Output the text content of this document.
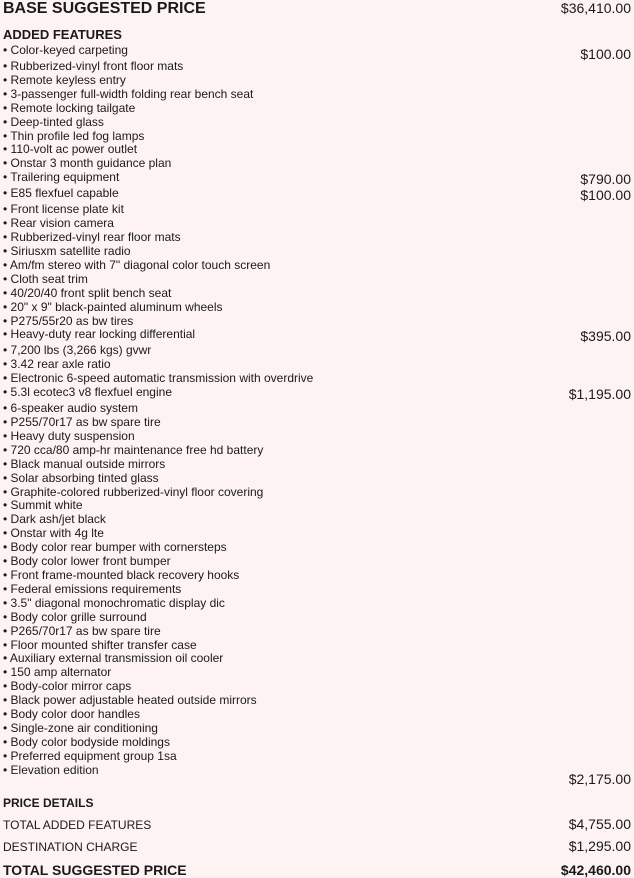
BASE SUGGESTED PRICE	$36,410.00
ADDED FEATURES
• Color-keyed carpeting	$100.00
• Rubberized-vinyl front floor mats
• Remote keyless entry
• 3-passenger full-width folding rear bench seat
• Remote locking tailgate
• Deep-tinted glass
• Thin profile led fog lamps
• 110-volt ac power outlet
• Onstar 3 month guidance plan
• Trailering equipment	$790.00
• E85 flexfuel capable	$100.00
• Front license plate kit
• Rear vision camera
• Rubberized-vinyl rear floor mats
• Siriusxm satellite radio
• Am/fm stereo with 7" diagonal color touch screen
• Cloth seat trim
• 40/20/40 front split bench seat
• 20" x 9" black-painted aluminum wheels
• P275/55r20 as bw tires
• Heavy-duty rear locking differential	$395.00
• 7,200 lbs (3,266 kgs) gvwr
• 3.42 rear axle ratio
• Electronic 6-speed automatic transmission with overdrive
• 5.3l ecotec3 v8 flexfuel engine	$1,195.00
• 6-speaker audio system
• P255/70r17 as bw spare tire
• Heavy duty suspension
• 720 cca/80 amp-hr maintenance free hd battery
• Black manual outside mirrors
• Solar absorbing tinted glass
• Graphite-colored rubberized-vinyl floor covering
• Summit white
• Dark ash/jet black
• Onstar with 4g lte
• Body color rear bumper with cornersteps
• Body color lower front bumper
• Front frame-mounted black recovery hooks
• Federal emissions requirements
• 3.5" diagonal monochromatic display dic
• Body color grille surround
• P265/70r17 as bw spare tire
• Floor mounted shifter transfer case
• Auxiliary external transmission oil cooler
• 150 amp alternator
• Body-color mirror caps
• Black power adjustable heated outside mirrors
• Body color door handles
• Single-zone air conditioning
• Body color bodyside moldings
• Preferred equipment group 1sa
• Elevation edition
$2,175.00
PRICE DETAILS
TOTAL ADDED FEATURES	$4,755.00
DESTINATION CHARGE	$1,295.00
TOTAL SUGGESTED PRICE	$42,460.00
